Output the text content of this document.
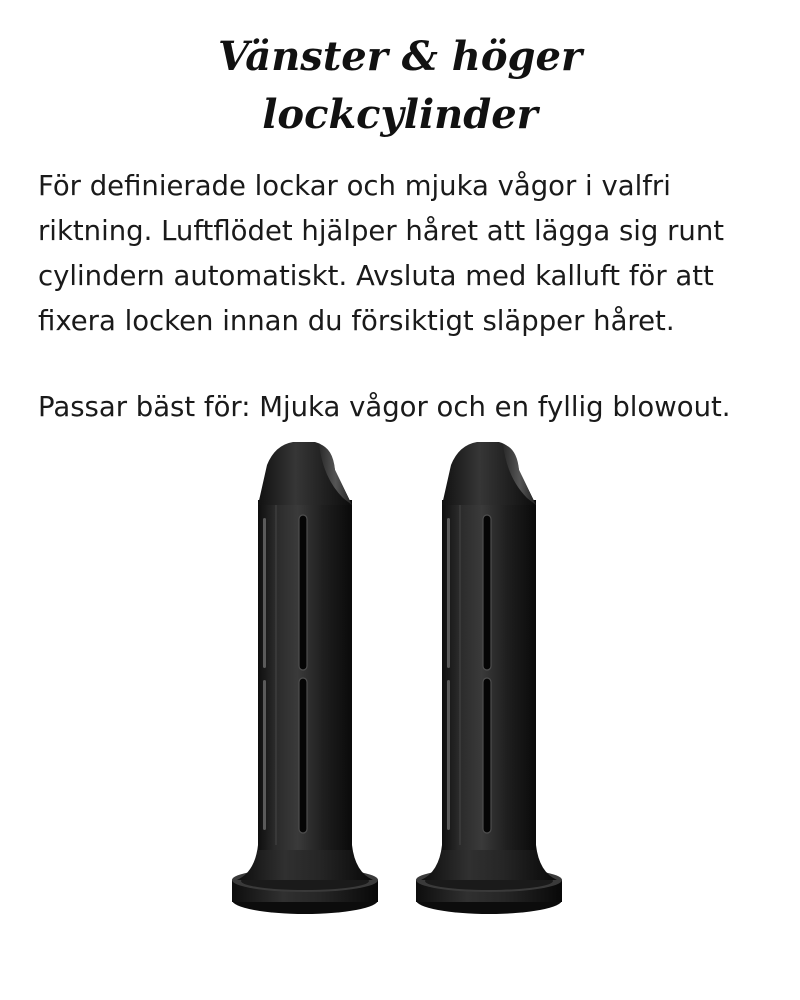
Vänster & höger
lockcylinder

För definierade lockar och mjuka vågor i valfri
riktning. Luftflödet hjälper håret att lägga sig runt
cylindern automatiskt. Avsluta med kalluft för att
fixera locken innan du försiktigt släpper håret.

Passar bäst för: Mjuka vågor och en fyllig blowout.
